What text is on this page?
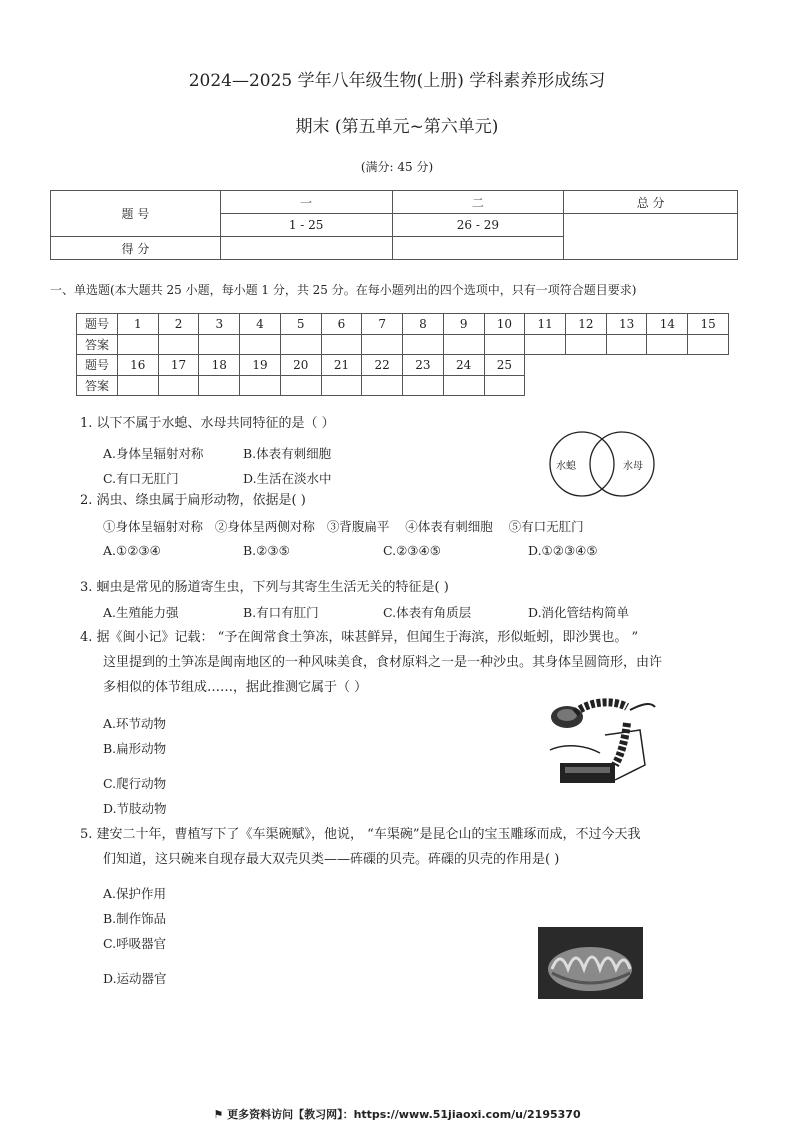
2024—2025 学年八年级生物(上册) 学科素养形成练习
期末 (第五单元~第六单元)
(满分: 45 分)
题 号	一	二	总 分
	1 - 25	26 - 29	
得 分			
一、单选题(本大题共 25 小题，每小题 1 分，共 25 分。在每小题列出的四个选项中，只有一项符合题目要求)
题号	1	2	3	4	5	6	7	8	9	10	11	12	13	14	15
答案															
题号	16	17	18	19	20	21	22	23	24	25					
答案															
1. 以下不属于水螅、水母共同特征的是（ ）
A.身体呈辐射对称	B.体表有刺细胞
C.有口无肛门	D.生活在淡水中
水螅	水母
2. 涡虫、绦虫属于扁形动物，依据是( )
①身体呈辐射对称   ②身体呈两侧对称   ③背腹扁平    ④体表有刺细胞    ⑤有口无肛门
A.①②③④	B.②③⑤	C.②③④⑤	D.①②③④⑤
3. 蛔虫是常见的肠道寄生虫，下列与其寄生生活无关的特征是( )
A.生殖能力强	B.有口有肛门	C.体表有角质层	D.消化管结构简单
4. 据《闽小记》记载： “予在闽常食土笋冻，味甚鲜异，但闻生于海滨，形似蚯蚓，即沙巽也。 ”
这里提到的土笋冻是闽南地区的一种风味美食，食材原料之一是一种沙虫。其身体呈圆筒形，由许
多相似的体节组成……，据此推测它属于（ ）
A.环节动物
B.扁形动物
C.爬行动物
D.节肢动物
5. 建安二十年，曹植写下了《车渠碗赋》，他说， “车渠碗”是昆仑山的宝玉雕琢而成，不过今天我
们知道，这只碗来自现存最大双壳贝类——砗磲的贝壳。砗磲的贝壳的作用是( )
A.保护作用
B.制作饰品
C.呼吸器官
D.运动器官
⚑ 更多资料访问【教习网】：https://www.51jiaoxi.com/u/2195370
